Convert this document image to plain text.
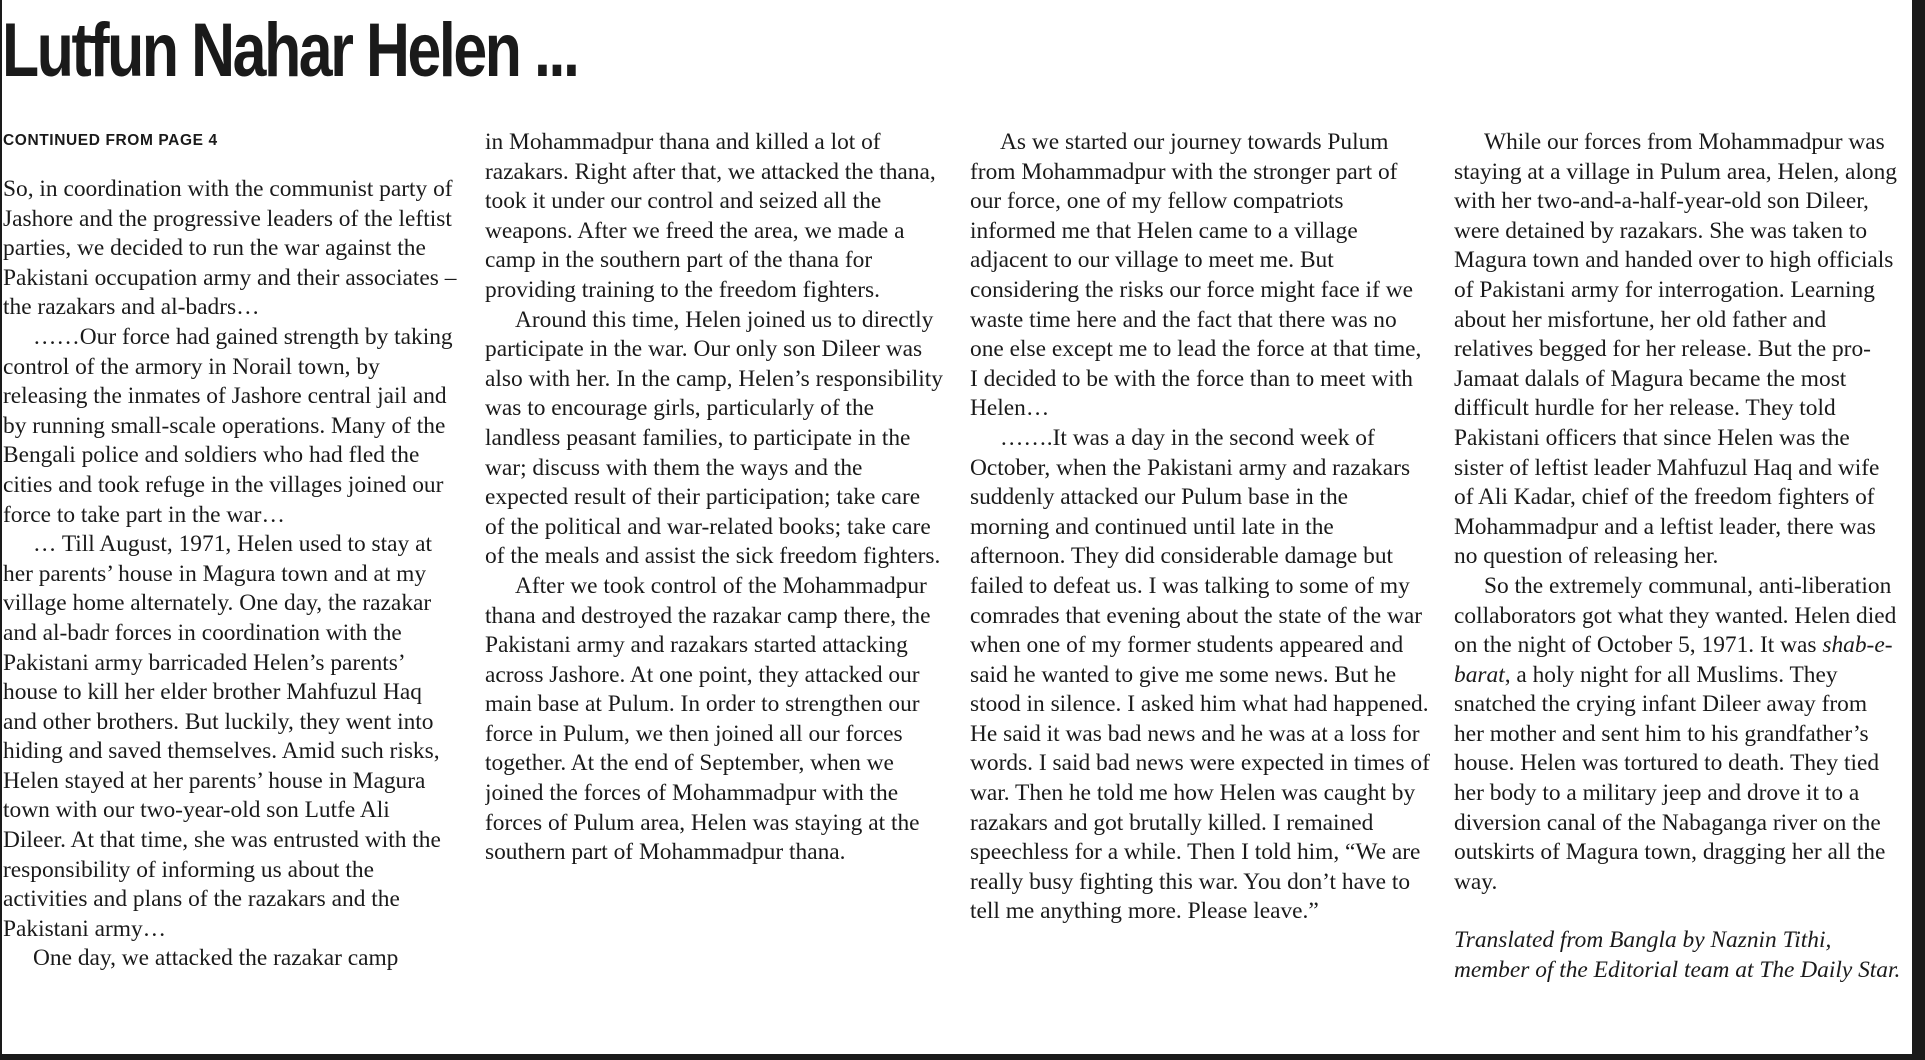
Lutfun Nahar Helen ...

CONTINUED FROM PAGE 4

So, in coordination with the communist party of Jashore and the progressive leaders of the leftist parties, we decided to run the war against the Pakistani occupation army and their associates – the razakars and al-badrs…

……Our force had gained strength by taking control of the armory in Norail town, by releasing the inmates of Jashore central jail and by running small-scale operations. Many of the Bengali police and soldiers who had fled the cities and took refuge in the villages joined our force to take part in the war…

… Till August, 1971, Helen used to stay at her parents’ house in Magura town and at my village home alternately. One day, the razakar and al-badr forces in coordination with the Pakistani army barricaded Helen’s parents’ house to kill her elder brother Mahfuzul Haq and other brothers. But luckily, they went into hiding and saved themselves. Amid such risks, Helen stayed at her parents’ house in Magura town with our two-year-old son Lutfe Ali Dileer. At that time, she was entrusted with the responsibility of informing us about the activities and plans of the razakars and the Pakistani army…

One day, we attacked the razakar camp

in Mohammadpur thana and killed a lot of razakars. Right after that, we attacked the thana, took it under our control and seized all the weapons. After we freed the area, we made a camp in the southern part of the thana for providing training to the freedom fighters.

Around this time, Helen joined us to directly participate in the war. Our only son Dileer was also with her. In the camp, Helen’s responsibility was to encourage girls, particularly of the landless peasant families, to participate in the war; discuss with them the ways and the expected result of their participation; take care of the political and war-related books; take care of the meals and assist the sick freedom fighters.

After we took control of the Mohammadpur thana and destroyed the razakar camp there, the Pakistani army and razakars started attacking across Jashore. At one point, they attacked our main base at Pulum. In order to strengthen our force in Pulum, we then joined all our forces together. At the end of September, when we joined the forces of Mohammadpur with the forces of Pulum area, Helen was staying at the southern part of Mohammadpur thana.

As we started our journey towards Pulum from Mohammadpur with the stronger part of our force, one of my fellow compatriots informed me that Helen came to a village adjacent to our village to meet me. But considering the risks our force might face if we waste time here and the fact that there was no one else except me to lead the force at that time, I decided to be with the force than to meet with Helen…

…….It was a day in the second week of October, when the Pakistani army and razakars suddenly attacked our Pulum base in the morning and continued until late in the afternoon. They did considerable damage but failed to defeat us. I was talking to some of my comrades that evening about the state of the war when one of my former students appeared and said he wanted to give me some news. But he stood in silence. I asked him what had happened. He said it was bad news and he was at a loss for words. I said bad news were expected in times of war. Then he told me how Helen was caught by razakars and got brutally killed. I remained speechless for a while. Then I told him, “We are really busy fighting this war. You don’t have to tell me anything more. Please leave.”

While our forces from Mohammadpur was staying at a village in Pulum area, Helen, along with her two-and-a-half-year-old son Dileer, were detained by razakars. She was taken to Magura town and handed over to high officials of Pakistani army for interrogation. Learning about her misfortune, her old father and relatives begged for her release. But the pro-Jamaat dalals of Magura became the most difficult hurdle for her release. They told Pakistani officers that since Helen was the sister of leftist leader Mahfuzul Haq and wife of Ali Kadar, chief of the freedom fighters of Mohammadpur and a leftist leader, there was no question of releasing her.

So the extremely communal, anti-liberation collaborators got what they wanted. Helen died on the night of October 5, 1971. It was shab-e-barat, a holy night for all Muslims. They snatched the crying infant Dileer away from her mother and sent him to his grandfather’s house. Helen was tortured to death. They tied her body to a military jeep and drove it to a diversion canal of the Nabaganga river on the outskirts of Magura town, dragging her all the way.

Translated from Bangla by Naznin Tithi, member of the Editorial team at The Daily Star.
